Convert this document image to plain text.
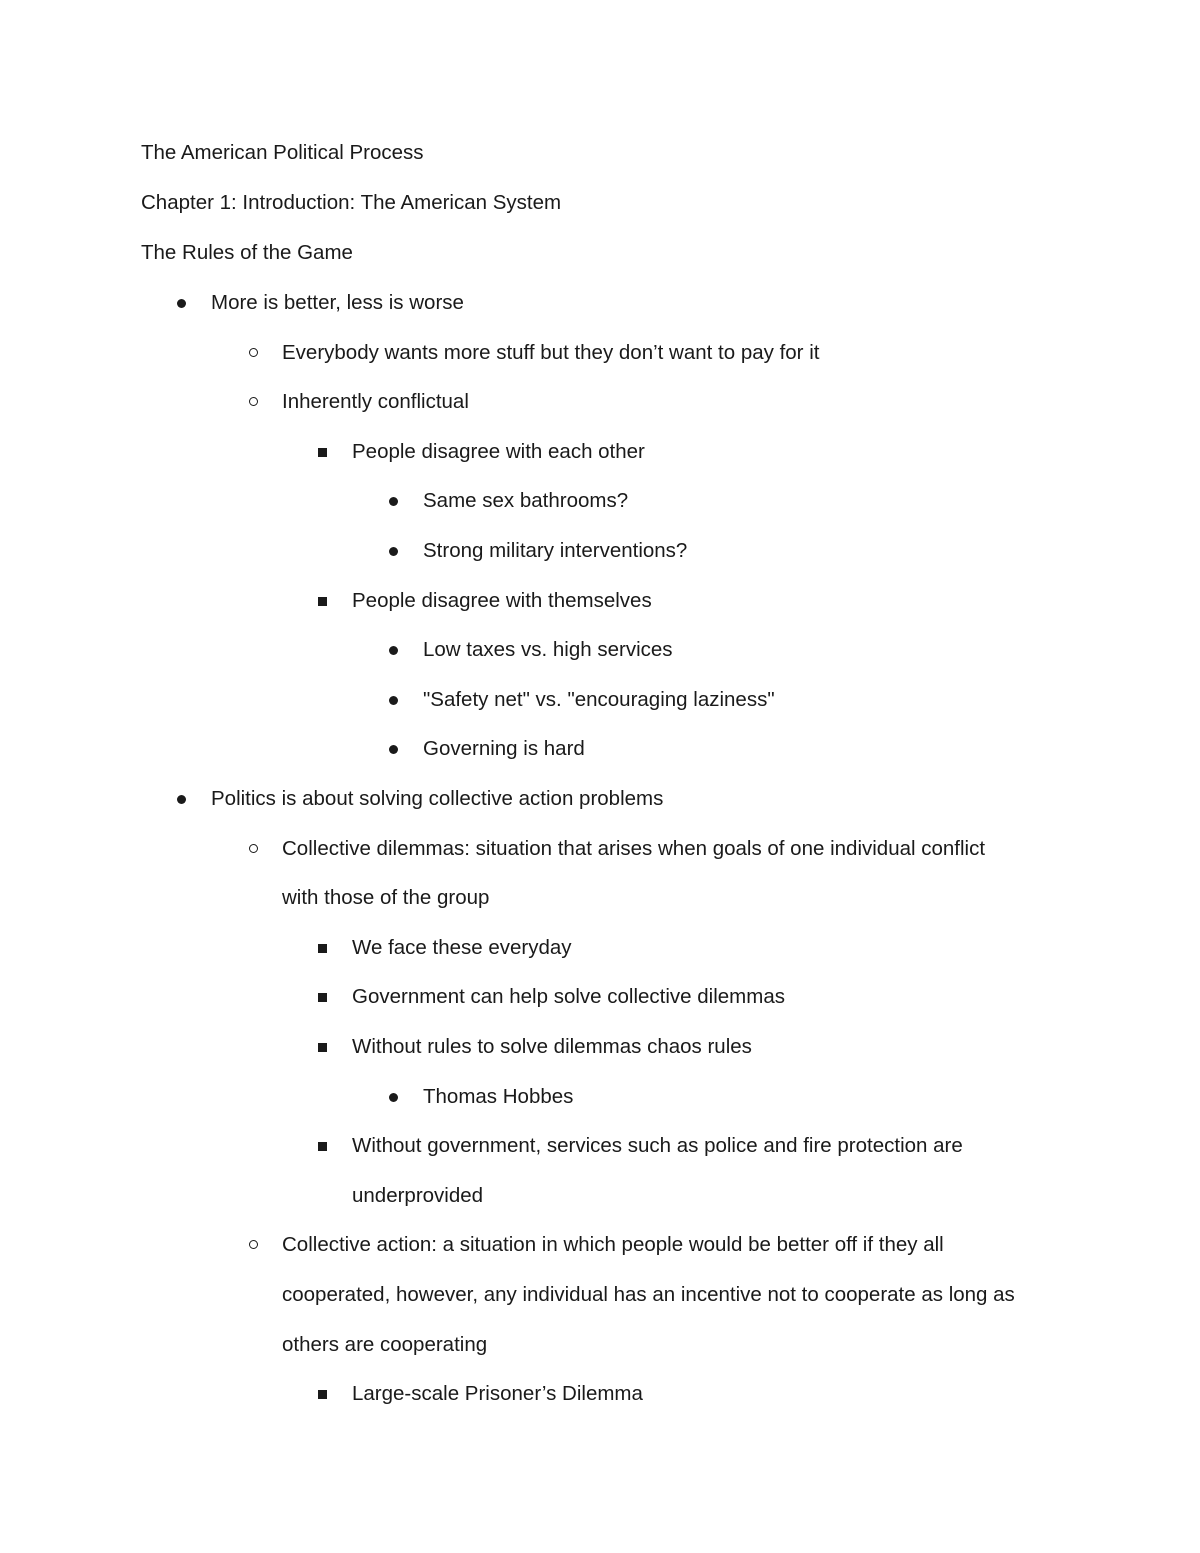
The American Political Process
Chapter 1: Introduction: The American System
The Rules of the Game
More is better, less is worse
Everybody wants more stuff but they don’t want to pay for it
Inherently conflictual
People disagree with each other
Same sex bathrooms?
Strong military interventions?
People disagree with themselves
Low taxes vs. high services
"Safety net" vs. "encouraging laziness"
Governing is hard
Politics is about solving collective action problems
Collective dilemmas: situation that arises when goals of one individual conflict
with those of the group
We face these everyday
Government can help solve collective dilemmas
Without rules to solve dilemmas chaos rules
Thomas Hobbes
Without government, services such as police and fire protection are
underprovided
Collective action: a situation in which people would be better off if they all
cooperated, however, any individual has an incentive not to cooperate as long as
others are cooperating
Large-scale Prisoner’s Dilemma
